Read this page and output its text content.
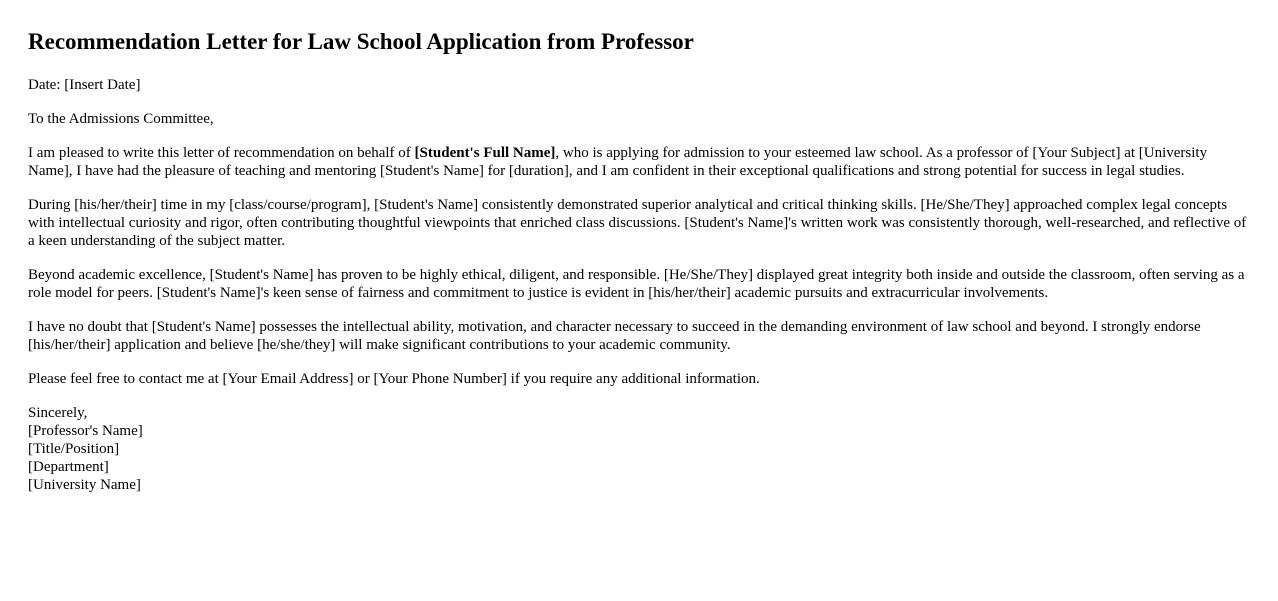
Recommendation Letter for Law School Application from Professor

Date: [Insert Date]

To the Admissions Committee,

I am pleased to write this letter of recommendation on behalf of [Student's Full Name], who is applying for admission to your esteemed law school. As a professor of [Your Subject] at [University Name], I have had the pleasure of teaching and mentoring [Student's Name] for [duration], and I am confident in their exceptional qualifications and strong potential for success in legal studies.

During [his/her/their] time in my [class/course/program], [Student's Name] consistently demonstrated superior analytical and critical thinking skills. [He/She/They] approached complex legal concepts with intellectual curiosity and rigor, often contributing thoughtful viewpoints that enriched class discussions. [Student's Name]'s written work was consistently thorough, well-researched, and reflective of a keen understanding of the subject matter.

Beyond academic excellence, [Student's Name] has proven to be highly ethical, diligent, and responsible. [He/She/They] displayed great integrity both inside and outside the classroom, often serving as a role model for peers. [Student's Name]'s keen sense of fairness and commitment to justice is evident in [his/her/their] academic pursuits and extracurricular involvements.

I have no doubt that [Student's Name] possesses the intellectual ability, motivation, and character necessary to succeed in the demanding environment of law school and beyond. I strongly endorse [his/her/their] application and believe [he/she/they] will make significant contributions to your academic community.

Please feel free to contact me at [Your Email Address] or [Your Phone Number] if you require any additional information.

Sincerely,
[Professor's Name]
[Title/Position]
[Department]
[University Name]
